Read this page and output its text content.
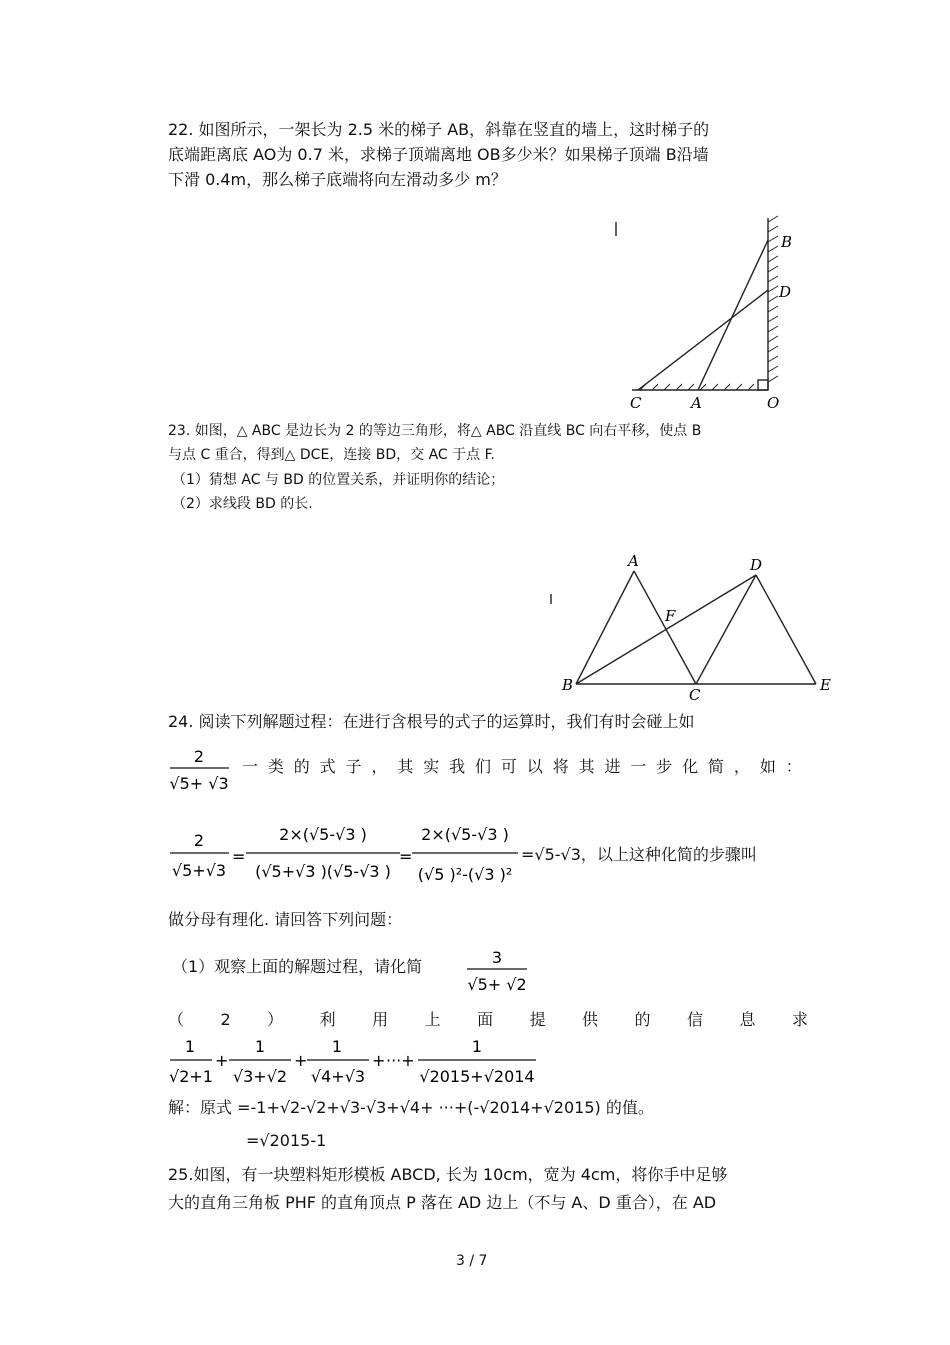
22. 如图所示，一架长为 2.5 米的梯子 AB，斜靠在竖直的墙上，这时梯子的
底端距离底 AO为 0.7 米，求梯子顶端离地 OB多少米？如果梯子顶端 B沿墙
下滑 0.4m，那么梯子底端将向左滑动多少 m？
B
D
C	A	O
23. 如图，△ ABC 是边长为 2 的等边三角形，将△ ABC 沿直线 BC 向右平移，使点 B
与点 C 重合，得到△ DCE，连接 BD，交 AC 于点 F.
（1）猜想 AC 与 BD 的位置关系，并证明你的结论；
（2）求线段 BD 的长.
A	D
F
B
C
E
24. 阅读下列解题过程：在进行含根号的式子的运算时，我们有时会碰上如
2
√5+ √3
一 类 的 式 子 ， 其 实 我 们 可 以 将 其 进 一 步 化 简 ， 如 ：
2
√5+√3
=
2×(√5-√3 )
(√5+√3 )(√5-√3 )
=
2×(√5-√3 )
(√5 )²-(√3 )²
=√5-√3，以上这种化简的步骤叫
做分母有理化. 请回答下列问题：
（1）观察上面的解题过程，请化简	3
√5+ √2
（ 2 ） 利 用 上 面 提 供 的 信 息 求
1
√2+1
+
1
√3+√2
+
1
√4+√3
+ ···+
1
√2015+√2014
解：原式 =-1+√2-√2+√3-√3+√4+ ···+(-√2014+√2015) 的值。
=√2015-1
25.如图，有一块塑料矩形模板 ABCD, 长为 10cm，宽为 4cm，将你手中足够
大的直角三角板 PHF 的直角顶点 P 落在 AD 边上（不与 A、D 重合），在 AD
3 / 7
